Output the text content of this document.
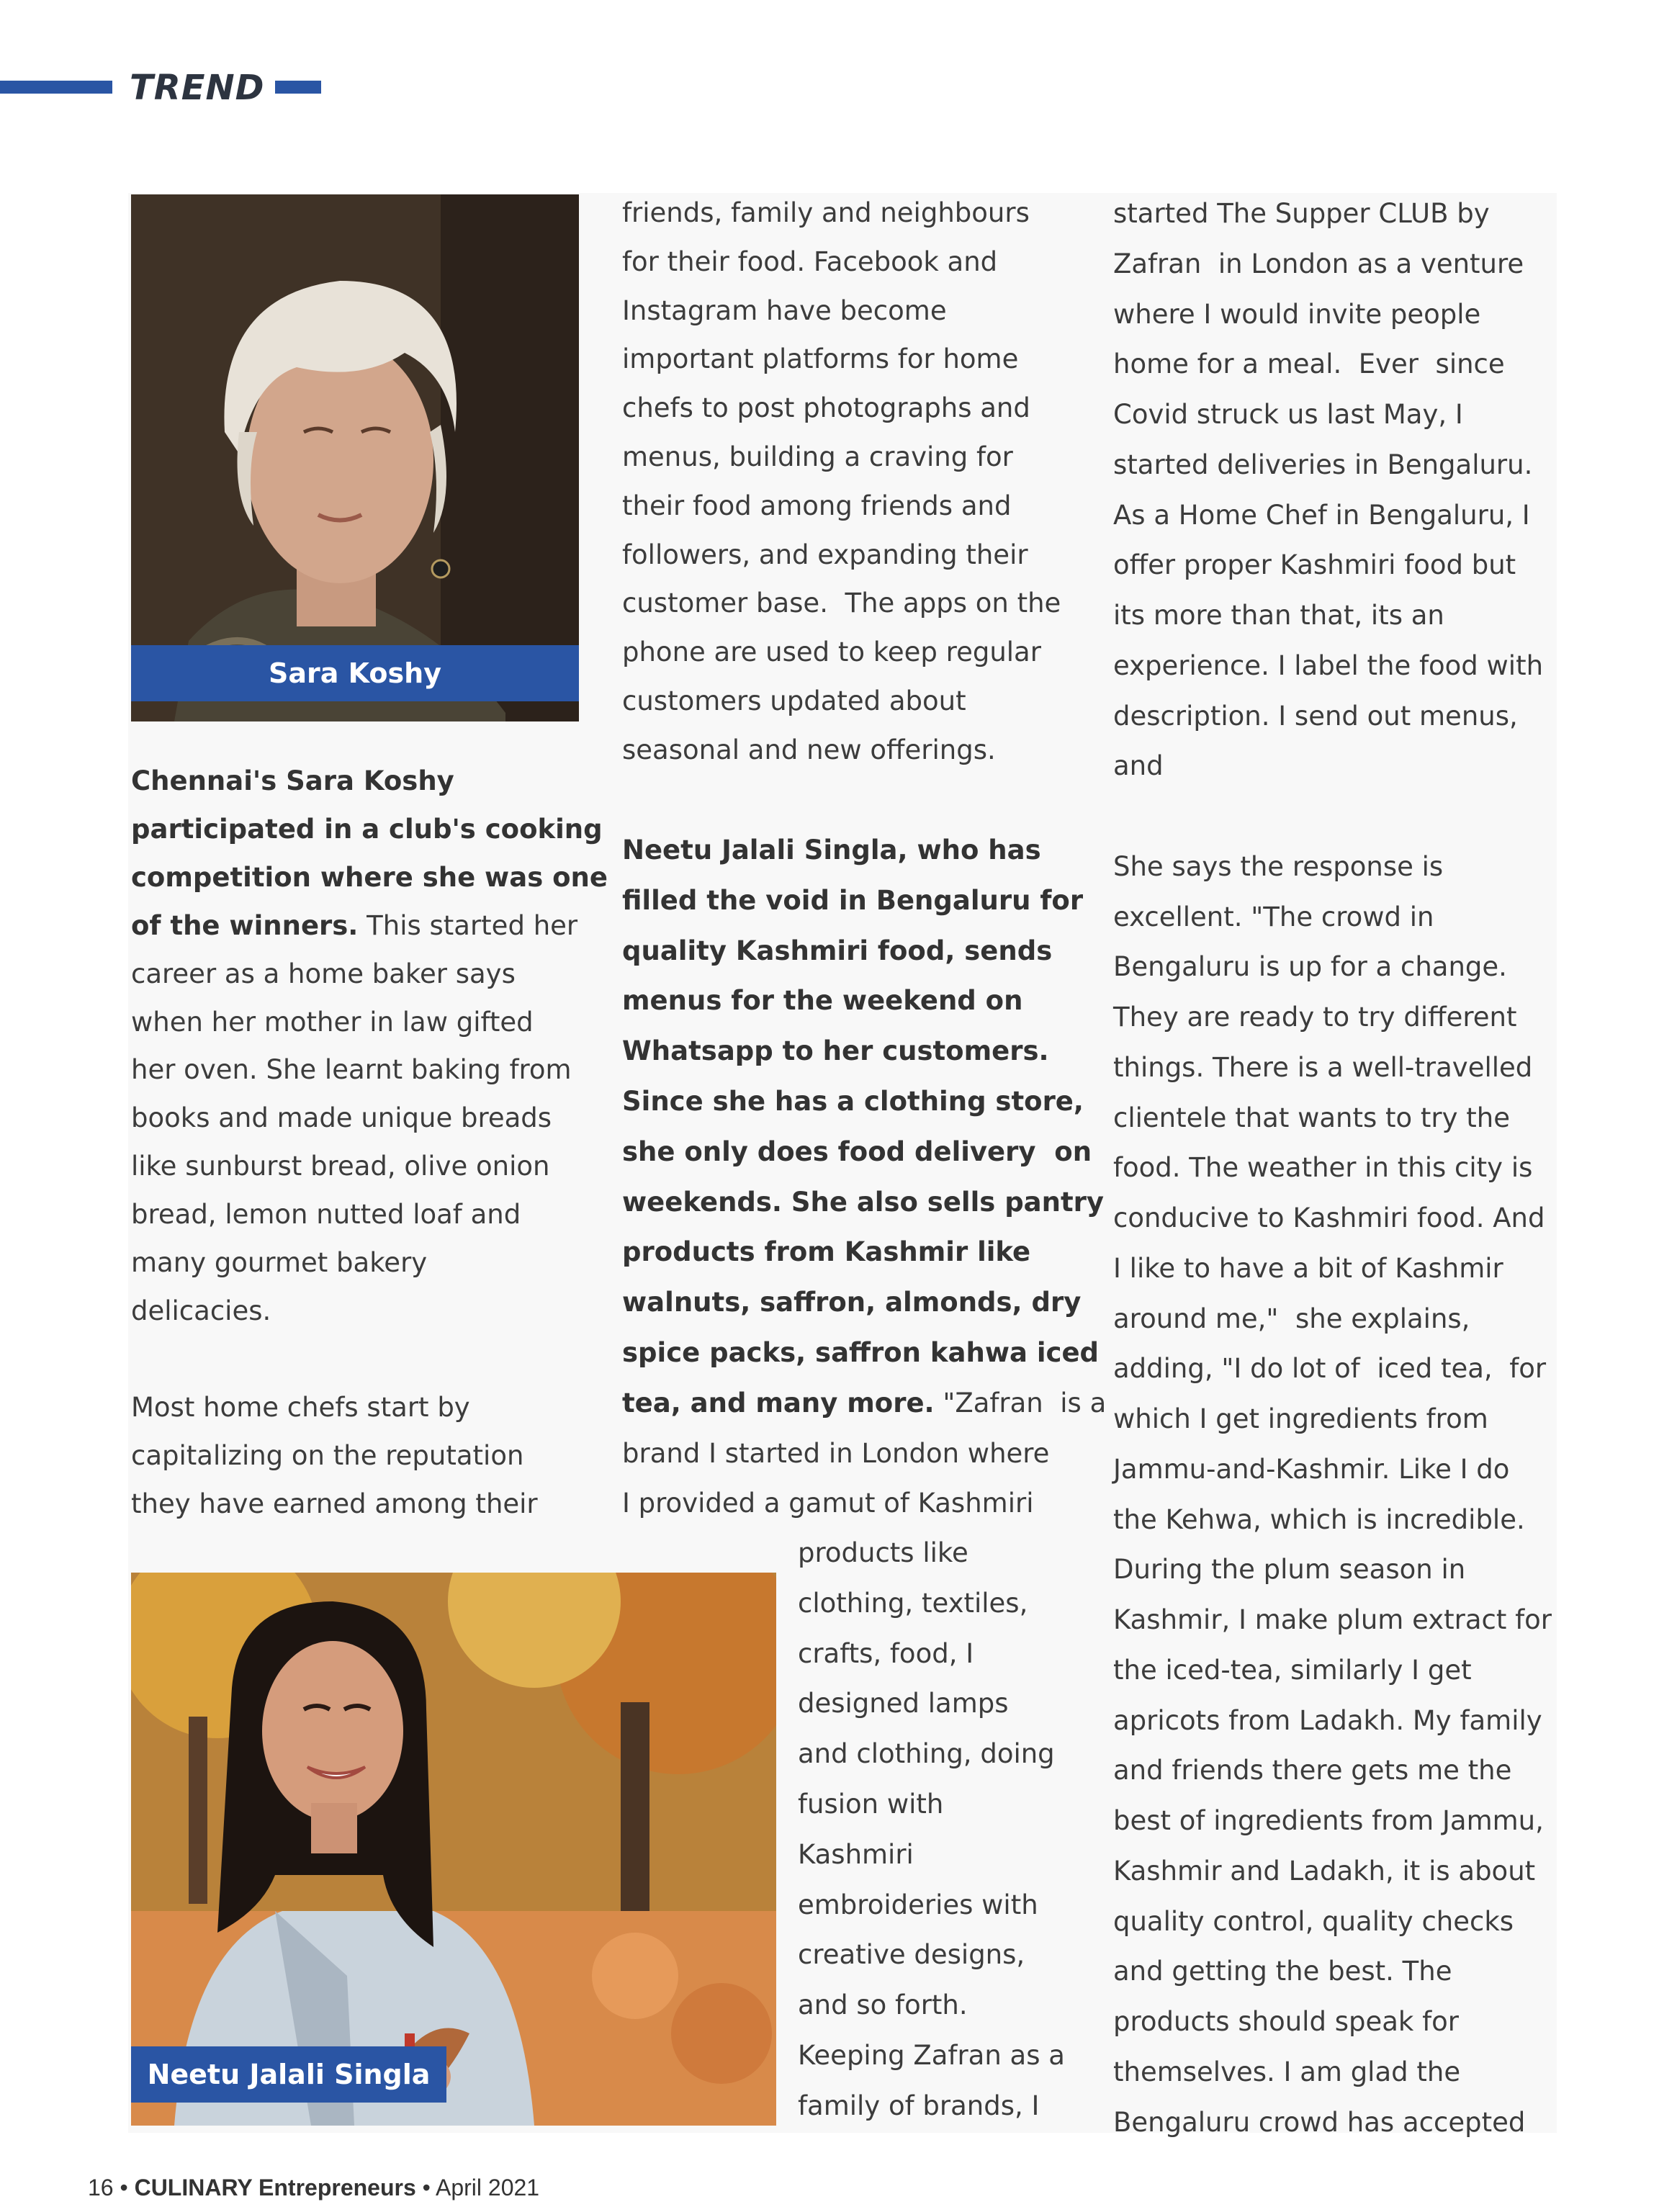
TREND
Sara Koshy
Neetu Jalali Singla

Chennai's Sara Koshy
participated in a club's cooking
competition where she was one
of the winners. This started her
career as a home baker says
when her mother in law gifted
her oven. She learnt baking from
books and made unique breads
like sunburst bread, olive onion
bread, lemon nutted loaf and
many gourmet bakery
delicacies.

Most home chefs start by
capitalizing on the reputation
they have earned among their

friends, family and neighbours
for their food. Facebook and
Instagram have become
important platforms for home
chefs to post photographs and
menus, building a craving for
their food among friends and
followers, and expanding their
customer base.  The apps on the
phone are used to keep regular
customers updated about
seasonal and new offerings.

Neetu Jalali Singla, who has
filled the void in Bengaluru for
quality Kashmiri food, sends
menus for the weekend on
Whatsapp to her customers.
Since she has a clothing store,
she only does food delivery  on
weekends. She also sells pantry
products from Kashmir like
walnuts, saffron, almonds, dry
spice packs, saffron kahwa iced
tea, and many more. "Zafran  is a
brand I started in London where
I provided a gamut of Kashmiri

products like
clothing, textiles,
crafts, food, I
designed lamps
and clothing, doing
fusion with
Kashmiri
embroideries with
creative designs,
and so forth.
Keeping Zafran as a
family of brands, I

started The Supper CLUB by
Zafran  in London as a venture
where I would invite people
home for a meal.  Ever  since
Covid struck us last May, I
started deliveries in Bengaluru.
As a Home Chef in Bengaluru, I
offer proper Kashmiri food but
its more than that, its an
experience. I label the food with
description. I send out menus,
and

She says the response is
excellent. "The crowd in
Bengaluru is up for a change.
They are ready to try different
things. There is a well-travelled
clientele that wants to try the
food. The weather in this city is
conducive to Kashmiri food. And
I like to have a bit of Kashmir
around me,"  she explains,
adding, "I do lot of  iced tea,  for
which I get ingredients from
Jammu-and-Kashmir. Like I do
the Kehwa, which is incredible.
During the plum season in
Kashmir, I make plum extract for
the iced-tea, similarly I get
apricots from Ladakh. My family
and friends there gets me the
best of ingredients from Jammu,
Kashmir and Ladakh, it is about
quality control, quality checks
and getting the best. The
products should speak for
themselves. I am glad the
Bengaluru crowd has accepted

16 • CULINARY Entrepreneurs • April 2021
